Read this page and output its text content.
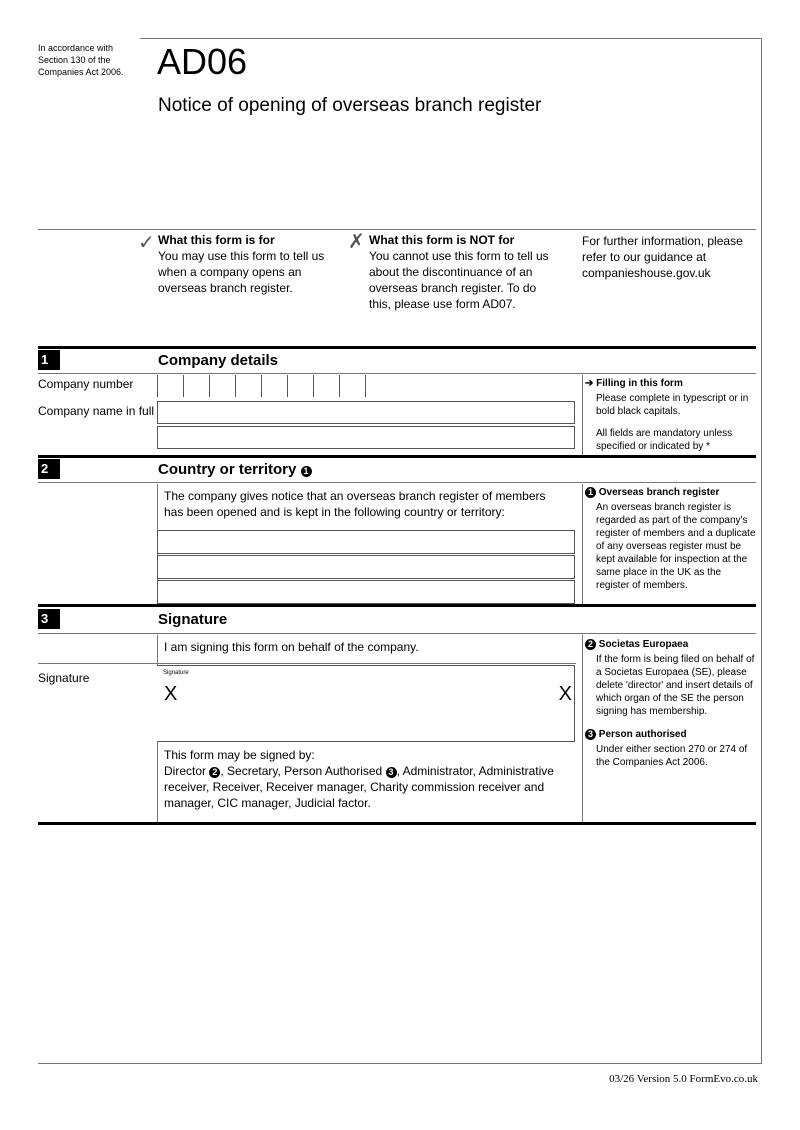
In accordance with Section 130 of the Companies Act 2006. AD06
Notice of opening of overseas branch register
✓ What this form is for
You may use this form to tell us when a company opens an overseas branch register.
✗ What this form is NOT for
You cannot use this form to tell us about the discontinuance of an overseas branch register. To do this, please use form AD07.
For further information, please refer to our guidance at companieshouse.gov.uk
1	Company details
Company number
Company name in full
➔ Filling in this form
Please complete in typescript or in bold black capitals.
All fields are mandatory unless specified or indicated by *
2	Country or territory 1
The company gives notice that an overseas branch register of members has been opened and is kept in the following country or territory:
1 Overseas branch register
An overseas branch register is regarded as part of the company's register of members and a duplicate of any overseas register must be kept available for inspection at the same place in the UK as the register of members.
3	Signature
I am signing this form on behalf of the company.
Signature	Signature
X	X
This form may be signed by:
Director 2 , Secretary, Person Authorised 3 , Administrator, Administrative receiver, Receiver, Receiver manager, Charity commission receiver and manager, CIC manager, Judicial factor.
2 Societas Europaea
If the form is being filed on behalf of a Societas Europaea (SE), please delete 'director' and insert details of which organ of the SE the person signing has membership.
3 Person authorised
Under either section 270 or 274 of the Companies Act 2006.
03/26 Version 5.0 FormEvo.co.uk
